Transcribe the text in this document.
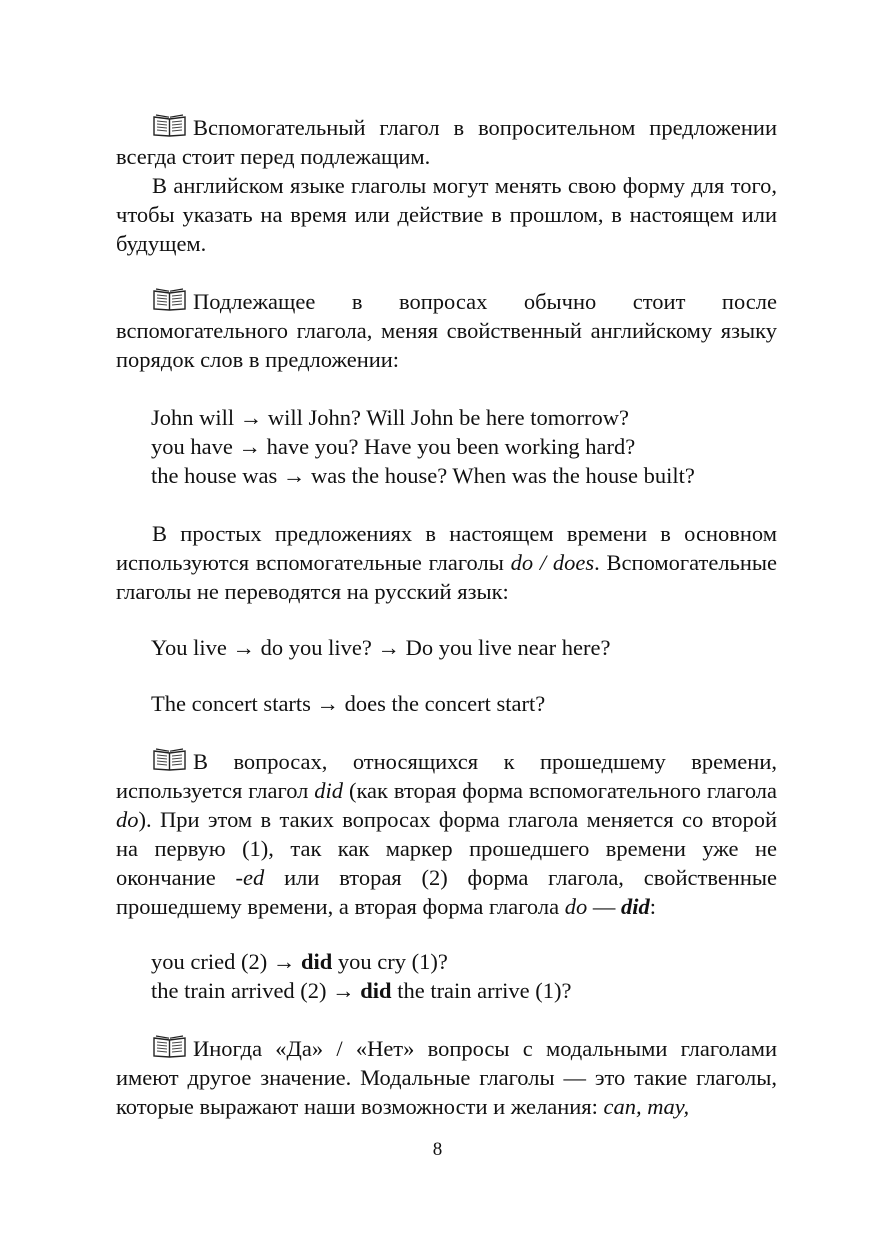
Вспомогательный глагол в вопросительном предложении всегда стоит перед подлежащим.

В английском языке глаголы могут менять свою форму для того, чтобы указать на время или действие в прошлом, в настоящем или будущем.

Подлежащее в вопросах обычно стоит после вспомогательного глагола, меняя свойственный английскому языку порядок слов в предложении:

John will → will John? Will John be here tomorrow?

you have → have you? Have you been working hard?

the house was → was the house? When was the house built?

В простых предложениях в настоящем времени в основном используются вспомогательные глаголы do / does. Вспомогательные глаголы не переводятся на русский язык:

You live → do you live? → Do you live near here?

The concert starts → does the concert start?

В вопросах, относящихся к прошедшему времени, используется глагол did (как вторая форма вспомогательного глагола do). При этом в таких вопросах форма глагола меняется со второй на первую (1), так как маркер прошедшего времени уже не окончание -ed или вторая (2) форма глагола, свойственные прошедшему времени, а вторая форма глагола do — did:

you cried (2) → did you cry (1)?

the train arrived (2) → did the train arrive (1)?

Иногда «Да» / «Нет» вопросы с модальными глаголами имеют другое значение. Модальные глаголы — это такие глаголы, которые выражают наши возможности и желания: can, may,

8
